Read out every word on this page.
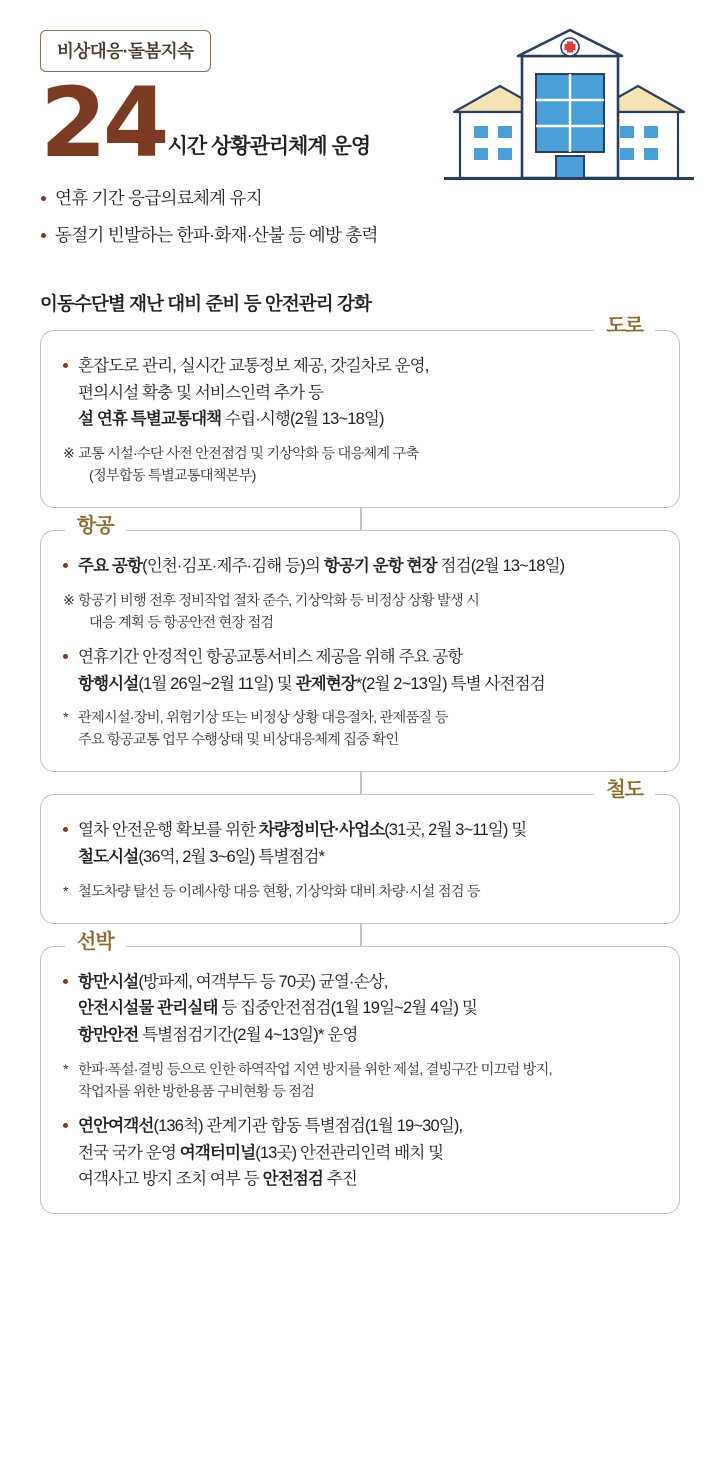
비상대응·돌봄지속
24 시간 상황관리체계 운영
연휴 기간 응급의료체계 유지
동절기 빈발하는 한파·화재·산불 등 예방 총력
이동수단별 재난 대비 준비 등 안전관리 강화
도로
혼잡도로 관리, 실시간 교통정보 제공, 갓길차로 운영,
편의시설 확충 및 서비스인력 추가 등
설 연휴 특별교통대책 수립·시행(2월 13~18일)
※ 교통 시설·수단 사전 안전점검 및 기상악화 등 대응체계 구축
(정부합동 특별교통대책본부)
항공
주요 공항(인천·김포·제주·김해 등)의 항공기 운항 현장 점검(2월 13~18일)
※ 항공기 비행 전후 정비작업 절차 준수, 기상악화 등 비정상 상황 발생 시
대응 계획 등 항공안전 현장 점검
연휴기간 안정적인 항공교통서비스 제공을 위해 주요 공항
항행시설(1월 26일~2월 11일) 및 관제현장*(2월 2~13일) 특별 사전점검
* 관제시설·장비, 위험기상 또는 비정상 상황 대응절차, 관제품질 등
주요 항공교통 업무 수행상태 및 비상대응체계 집중 확인
철도
열차 안전운행 확보를 위한 차량정비단·사업소(31곳, 2월 3~11일) 및
철도시설(36역, 2월 3~6일) 특별점검*
* 철도차량 탈선 등 이례사항 대응 현황, 기상악화 대비 차량·시설 점검 등
선박
항만시설(방파제, 여객부두 등 70곳) 균열·손상,
안전시설물 관리실태 등 집중안전점검(1월 19일~2월 4일) 및
항만안전 특별점검기간(2월 4~13일)* 운영
* 한파·폭설·결빙 등으로 인한 하역작업 지연 방지를 위한 제설, 결빙구간 미끄럼 방지,
작업자를 위한 방한용품 구비현황 등 점검
연안여객선(136척) 관계기관 합동 특별점검(1월 19~30일),
전국 국가 운영 여객터미널(13곳) 안전관리인력 배치 및
여객사고 방지 조치 여부 등 안전점검 추진
